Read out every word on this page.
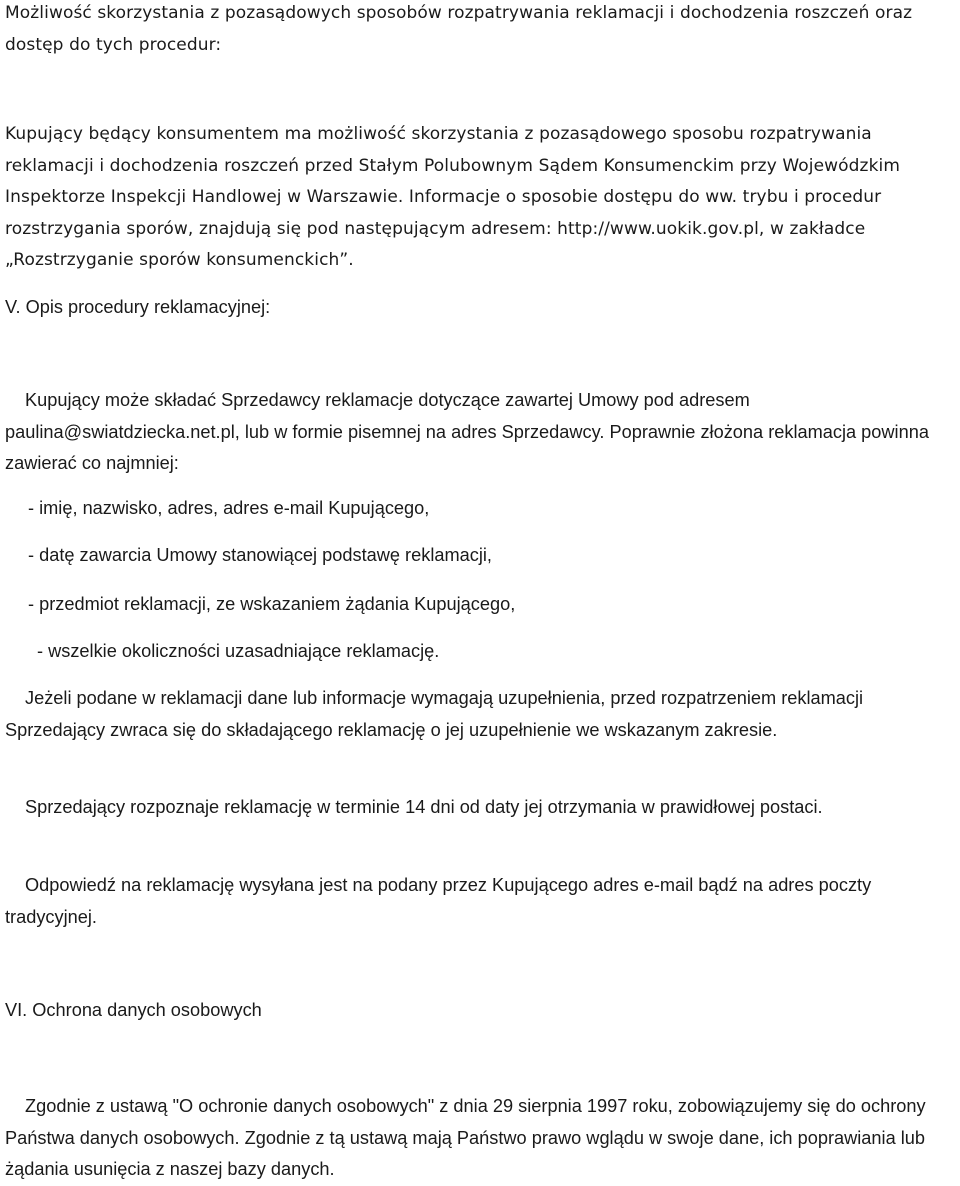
Możliwość skorzystania z pozasądowych sposobów rozpatrywania reklamacji i dochodzenia roszczeń oraz dostęp do tych procedur:

Kupujący będący konsumentem ma możliwość skorzystania z pozasądowego sposobu rozpatrywania reklamacji i dochodzenia roszczeń przed Stałym Polubownym Sądem Konsumenckim przy Wojewódzkim Inspektorze Inspekcji Handlowej w Warszawie. Informacje o sposobie dostępu do ww. trybu i procedur rozstrzygania sporów, znajdują się pod następującym adresem: http://www.uokik.gov.pl, w zakładce „Rozstrzyganie sporów konsumenckich”.

V. Opis procedury reklamacyjnej:

Kupujący może składać Sprzedawcy reklamacje dotyczące zawartej Umowy pod adresem paulina@swiatdziecka.net.pl, lub w formie pisemnej na adres Sprzedawcy. Poprawnie złożona reklamacja powinna zawierać co najmniej:

- imię, nazwisko, adres, adres e-mail Kupującego,

- datę zawarcia Umowy stanowiącej podstawę reklamacji,

- przedmiot reklamacji, ze wskazaniem żądania Kupującego,

- wszelkie okoliczności uzasadniające reklamację.

Jeżeli podane w reklamacji dane lub informacje wymagają uzupełnienia, przed rozpatrzeniem reklamacji Sprzedający zwraca się do składającego reklamację o jej uzupełnienie we wskazanym zakresie.

Sprzedający rozpoznaje reklamację w terminie 14 dni od daty jej otrzymania w prawidłowej postaci.

Odpowiedź na reklamację wysyłana jest na podany przez Kupującego adres e-mail bądź na adres poczty tradycyjnej.

VI. Ochrona danych osobowych

Zgodnie z ustawą "O ochronie danych osobowych" z dnia 29 sierpnia 1997 roku, zobowiązujemy się do ochrony Państwa danych osobowych. Zgodnie z tą ustawą mają Państwo prawo wglądu w swoje dane, ich poprawiania lub żądania usunięcia z naszej bazy danych.
